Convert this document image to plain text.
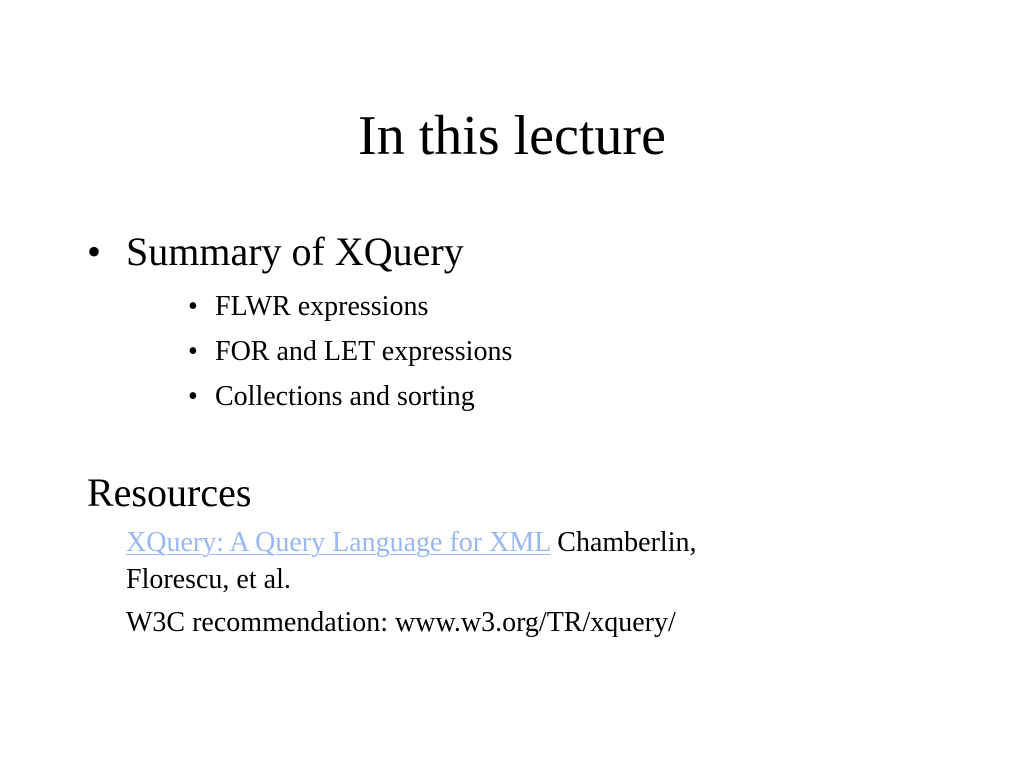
In this lecture
• Summary of XQuery
• FLWR expressions
• FOR and LET expressions
• Collections and sorting
Resources
XQuery: A Query Language for XML Chamberlin,
Florescu, et al.
W3C recommendation: www.w3.org/TR/xquery/
